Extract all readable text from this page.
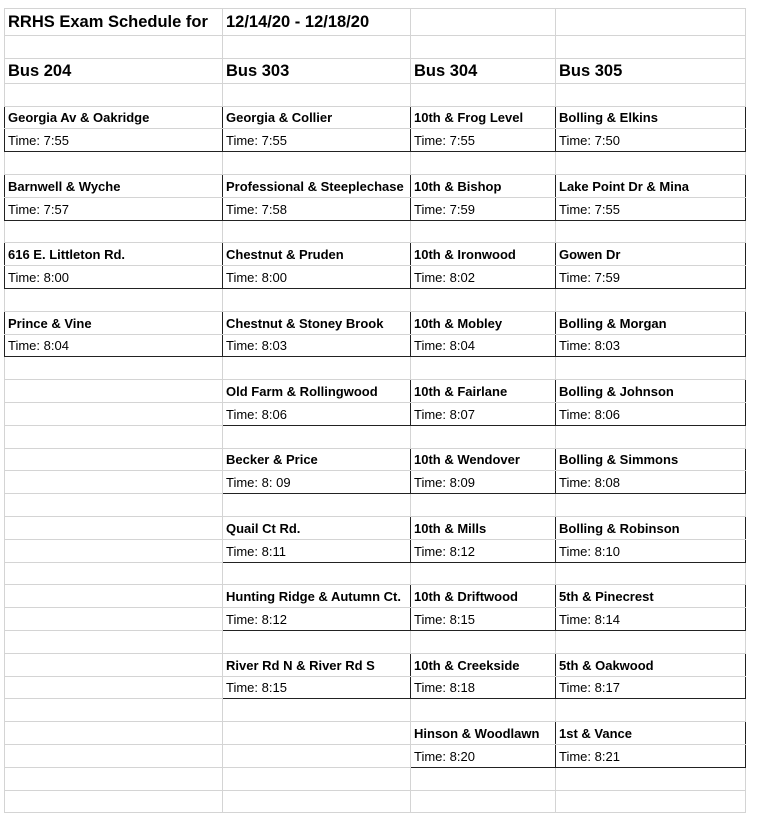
RRHS Exam Schedule for	12/14/20 - 12/18/20		

Bus 204	Bus 303	Bus 304	Bus 305

Georgia Av & Oakridge	Georgia & Collier	10th & Frog Level	Bolling & Elkins
Time: 7:55	Time: 7:55	Time: 7:55	Time: 7:50

Barnwell & Wyche	Professional & Steeplechase	10th & Bishop	Lake Point Dr & Mina
Time: 7:57	Time: 7:58	Time: 7:59	Time: 7:55

616 E. Littleton Rd.	Chestnut & Pruden	10th & Ironwood	Gowen Dr
Time: 8:00	Time: 8:00	Time: 8:02	Time: 7:59

Prince & Vine	Chestnut & Stoney Brook	10th & Mobley	Bolling & Morgan
Time: 8:04	Time: 8:03	Time: 8:04	Time: 8:03

	Old Farm & Rollingwood	10th & Fairlane	Bolling & Johnson
	Time: 8:06	Time: 8:07	Time: 8:06

	Becker & Price	10th & Wendover	Bolling & Simmons
	Time: 8: 09	Time: 8:09	Time: 8:08

	Quail Ct Rd.	10th & Mills	Bolling & Robinson
	Time: 8:11	Time: 8:12	Time: 8:10

	Hunting Ridge & Autumn Ct.	10th & Driftwood	5th & Pinecrest
	Time: 8:12	Time: 8:15	Time: 8:14

	River Rd N & River Rd S	10th & Creekside	5th & Oakwood
	Time: 8:15	Time: 8:18	Time: 8:17

		Hinson & Woodlawn	1st & Vance
		Time: 8:20	Time: 8:21
